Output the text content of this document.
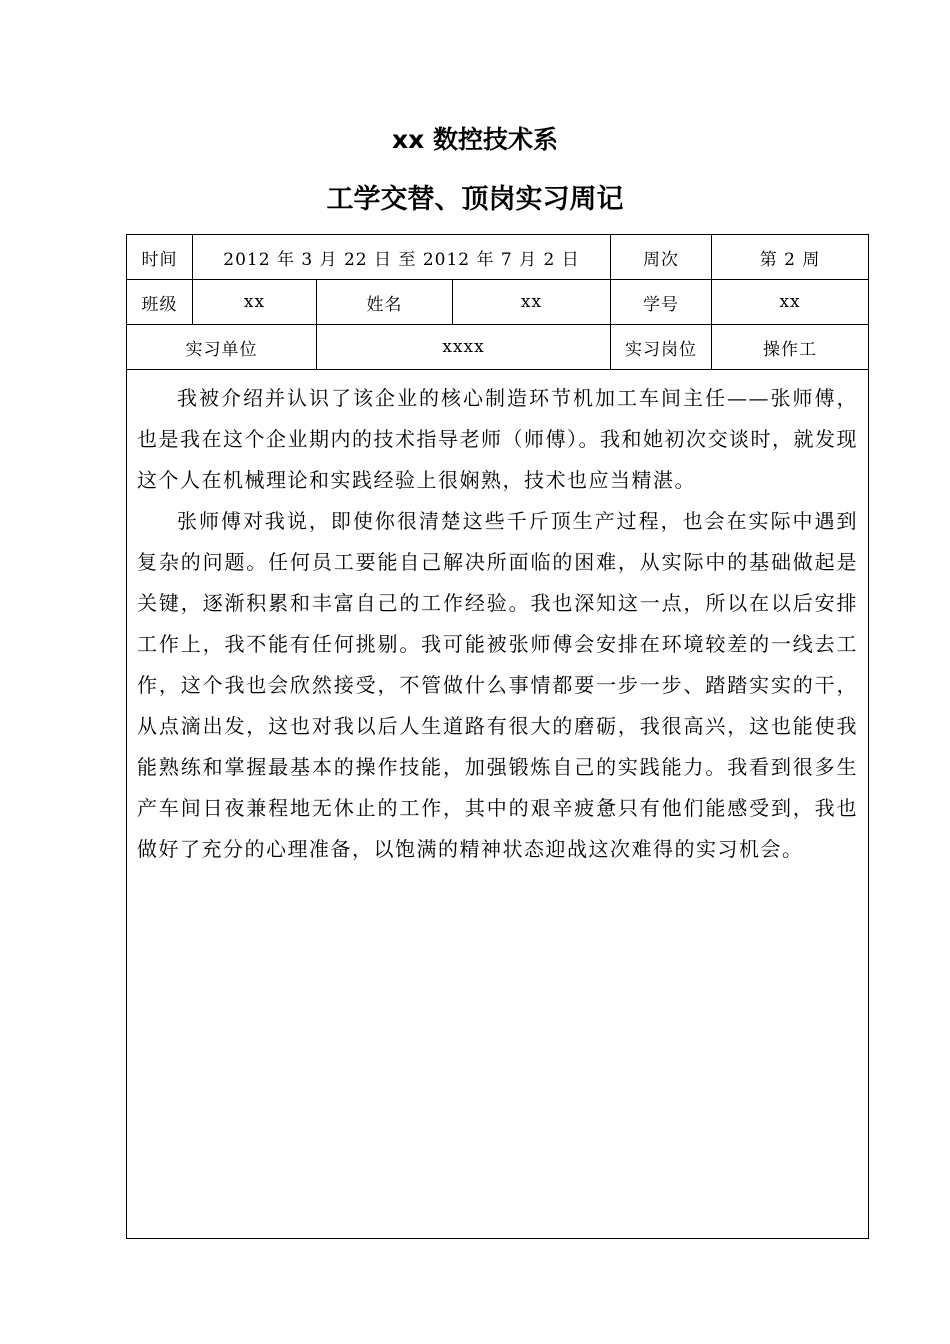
xx 数控技术系
工学交替、顶岗实习周记
时间	2012 年 3 月 22 日 至 2012 年 7 月 2 日			周次	第 2 周
班级	xx	姓名	xx	学号	xx
实习单位		xxxx		实习岗位	操作工

我被介绍并认识了该企业的核心制造环节机加工车间主任——张师傅，也是我在这个企业期内的技术指导老师（师傅）。我和她初次交谈时，就发现这个人在机械理论和实践经验上很娴熟，技术也应当精湛。

张师傅对我说，即使你很清楚这些千斤顶生产过程，也会在实际中遇到复杂的问题。任何员工要能自己解决所面临的困难，从实际中的基础做起是关键，逐渐积累和丰富自己的工作经验。我也深知这一点，所以在以后安排工作上，我不能有任何挑剔。我可能被张师傅会安排在环境较差的一线去工作，这个我也会欣然接受，不管做什么事情都要一步一步、踏踏实实的干，从点滴出发，这也对我以后人生道路有很大的磨砺，我很高兴，这也能使我能熟练和掌握最基本的操作技能，加强锻炼自己的实践能力。我看到很多生产车间日夜兼程地无休止的工作，其中的艰辛疲惫只有他们能感受到，我也做好了充分的心理准备，以饱满的精神状态迎战这次难得的实习机会。					
